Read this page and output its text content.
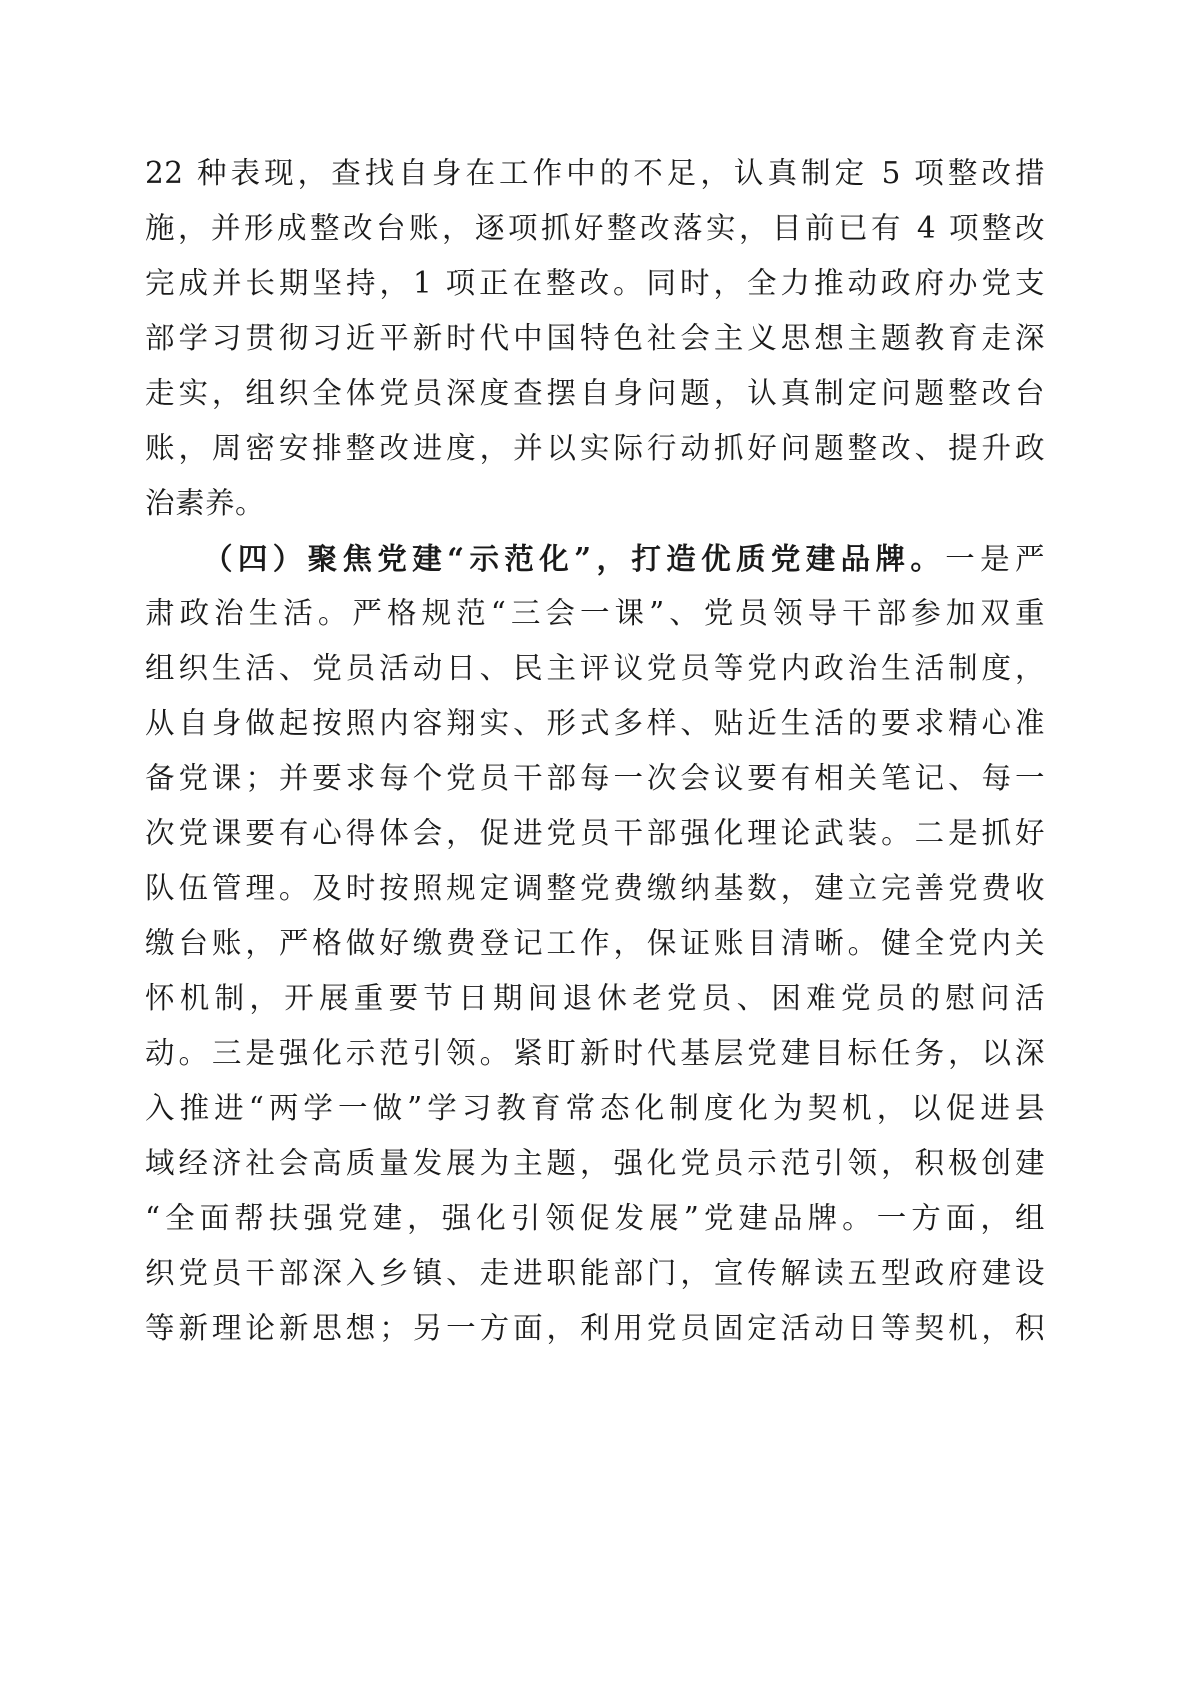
22 种表现，查找自身在工作中的不足，认真制定 5 项整改措
施，并形成整改台账，逐项抓好整改落实，目前已有 4 项整改
完成并长期坚持，1 项正在整改。同时，全力推动政府办党支
部学习贯彻习近平新时代中国特色社会主义思想主题教育走深
走实，组织全体党员深度查摆自身问题，认真制定问题整改台
账，周密安排整改进度，并以实际行动抓好问题整改、提升政
治素养。
（四）聚焦党建“示范化”，打造优质党建品牌。一是严
肃政治生活。严格规范“三会一课”、党员领导干部参加双重
组织生活、党员活动日、民主评议党员等党内政治生活制度，
从自身做起按照内容翔实、形式多样、贴近生活的要求精心准
备党课；并要求每个党员干部每一次会议要有相关笔记、每一
次党课要有心得体会，促进党员干部强化理论武装。二是抓好
队伍管理。及时按照规定调整党费缴纳基数，建立完善党费收
缴台账，严格做好缴费登记工作，保证账目清晰。健全党内关
怀机制，开展重要节日期间退休老党员、困难党员的慰问活
动。三是强化示范引领。紧盯新时代基层党建目标任务，以深
入推进“两学一做”学习教育常态化制度化为契机，以促进县
域经济社会高质量发展为主题，强化党员示范引领，积极创建
“全面帮扶强党建，强化引领促发展”党建品牌。一方面，组
织党员干部深入乡镇、走进职能部门，宣传解读五型政府建设
等新理论新思想；另一方面，利用党员固定活动日等契机，积
